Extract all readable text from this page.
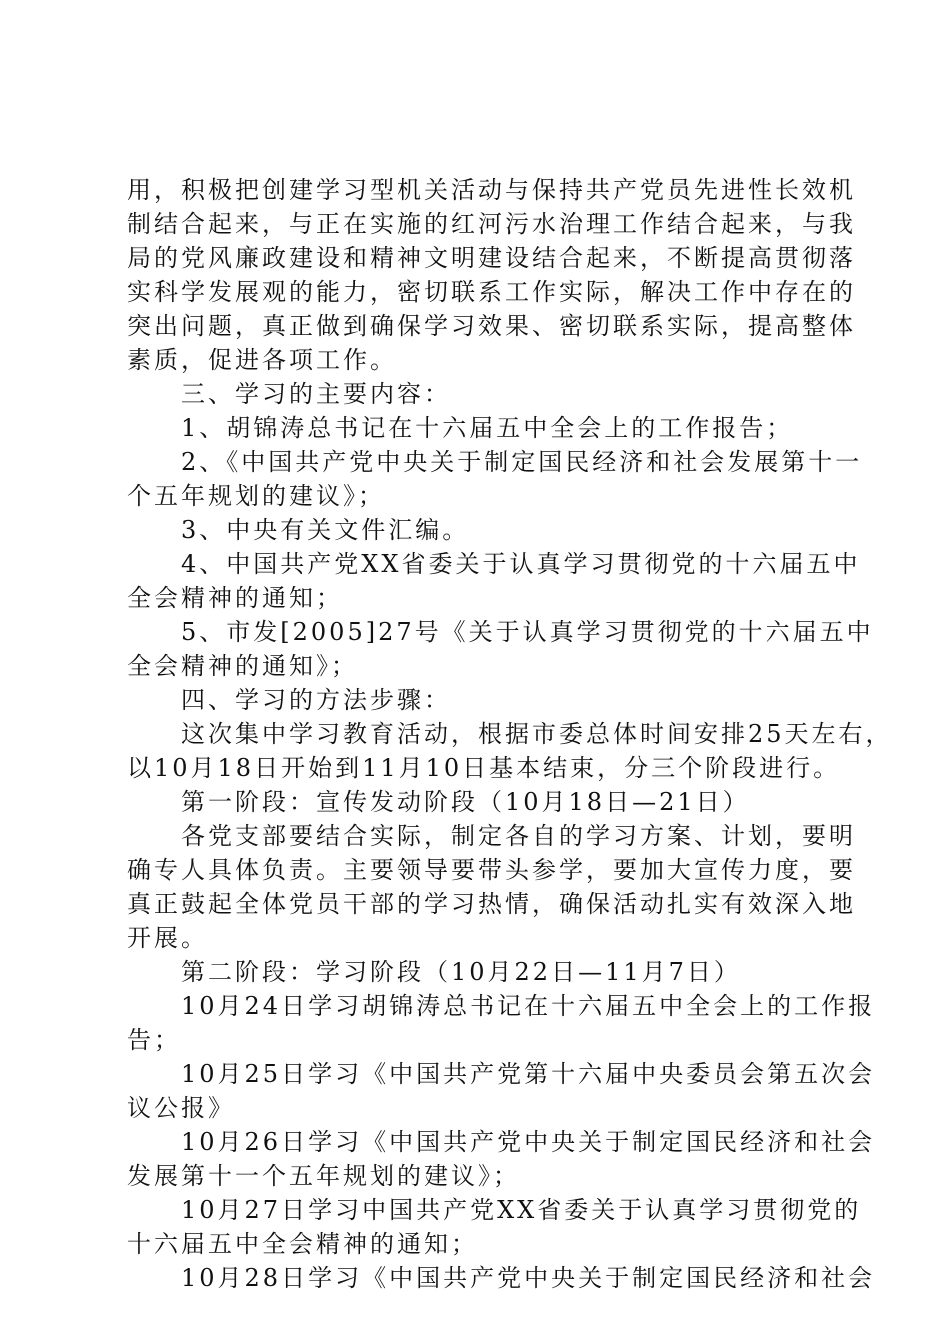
用，积极把创建学习型机关活动与保持共产党员先进性长效机
制结合起来，与正在实施的红河污水治理工作结合起来，与我
局的党风廉政建设和精神文明建设结合起来，不断提高贯彻落
实科学发展观的能力，密切联系工作实际，解决工作中存在的
突出问题，真正做到确保学习效果、密切联系实际，提高整体
素质，促进各项工作。
三、学习的主要内容：
1、胡锦涛总书记在十六届五中全会上的工作报告；
2、《中国共产党中央关于制定国民经济和社会发展第十一
个五年规划的建议》；
3、中央有关文件汇编。
4、中国共产党XX省委关于认真学习贯彻党的十六届五中
全会精神的通知；
5、市发[2005]27号《关于认真学习贯彻党的十六届五中
全会精神的通知》；
四、学习的方法步骤：
这次集中学习教育活动，根据市委总体时间安排25天左右，
以10月18日开始到11月10日基本结束，分三个阶段进行。
第一阶段：宣传发动阶段（10月18日—21日）
各党支部要结合实际，制定各自的学习方案、计划，要明
确专人具体负责。主要领导要带头参学，要加大宣传力度，要
真正鼓起全体党员干部的学习热情，确保活动扎实有效深入地
开展。
第二阶段：学习阶段（10月22日—11月7日）
10月24日学习胡锦涛总书记在十六届五中全会上的工作报
告；
10月25日学习《中国共产党第十六届中央委员会第五次会
议公报》
10月26日学习《中国共产党中央关于制定国民经济和社会
发展第十一个五年规划的建议》；
10月27日学习中国共产党XX省委关于认真学习贯彻党的
十六届五中全会精神的通知；
10月28日学习《中国共产党中央关于制定国民经济和社会
